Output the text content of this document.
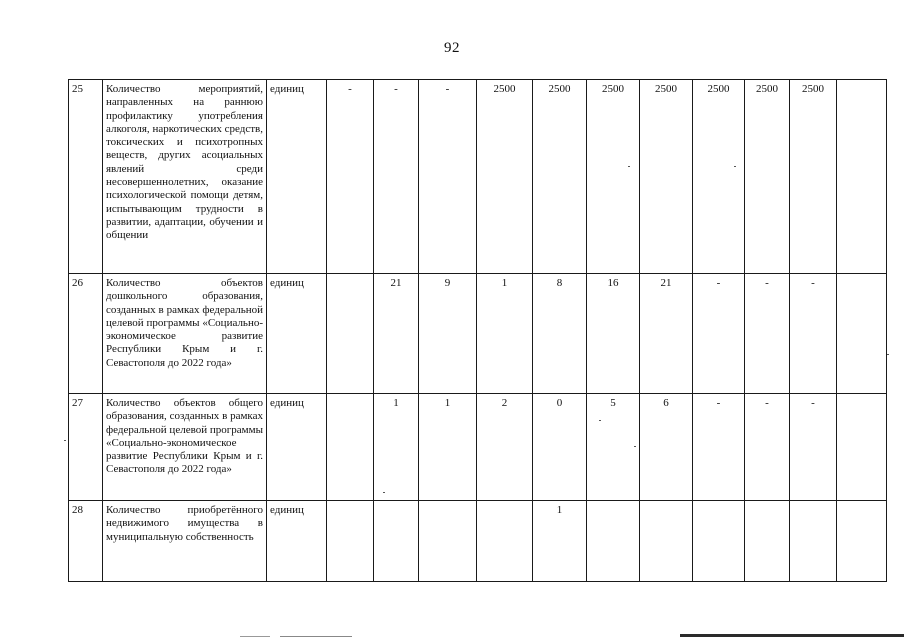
92
25	Количество мероприятий, направленных на раннюю профилактику употребления алкоголя, наркотических средств, токсических и психотропных веществ, других асоциальных явлений среди несовершеннолетних, оказание психологической помощи детям, испытывающим трудности в развитии, адаптации, обучении и общении	единиц	-	-	-	2500	2500	2500	2500	2500	2500	2500	
26	Количество объектов дошкольного образования, созданных в рамках федеральной целевой программы «Социально-экономическое развитие Республики Крым и г. Севастополя до 2022 года»	единиц		21	9	1	8	16	21	-	-	-	
27	Количество объектов общего образования, созданных в рамках федеральной целевой программы «Социально-экономическое развитие Республики Крым и г. Севастополя до 2022 года»	единиц		1	1	2	0	5	6	-	-	-	
28	Количество приобретённого недвижимого имущества в муниципальную собственность	единиц					1						
